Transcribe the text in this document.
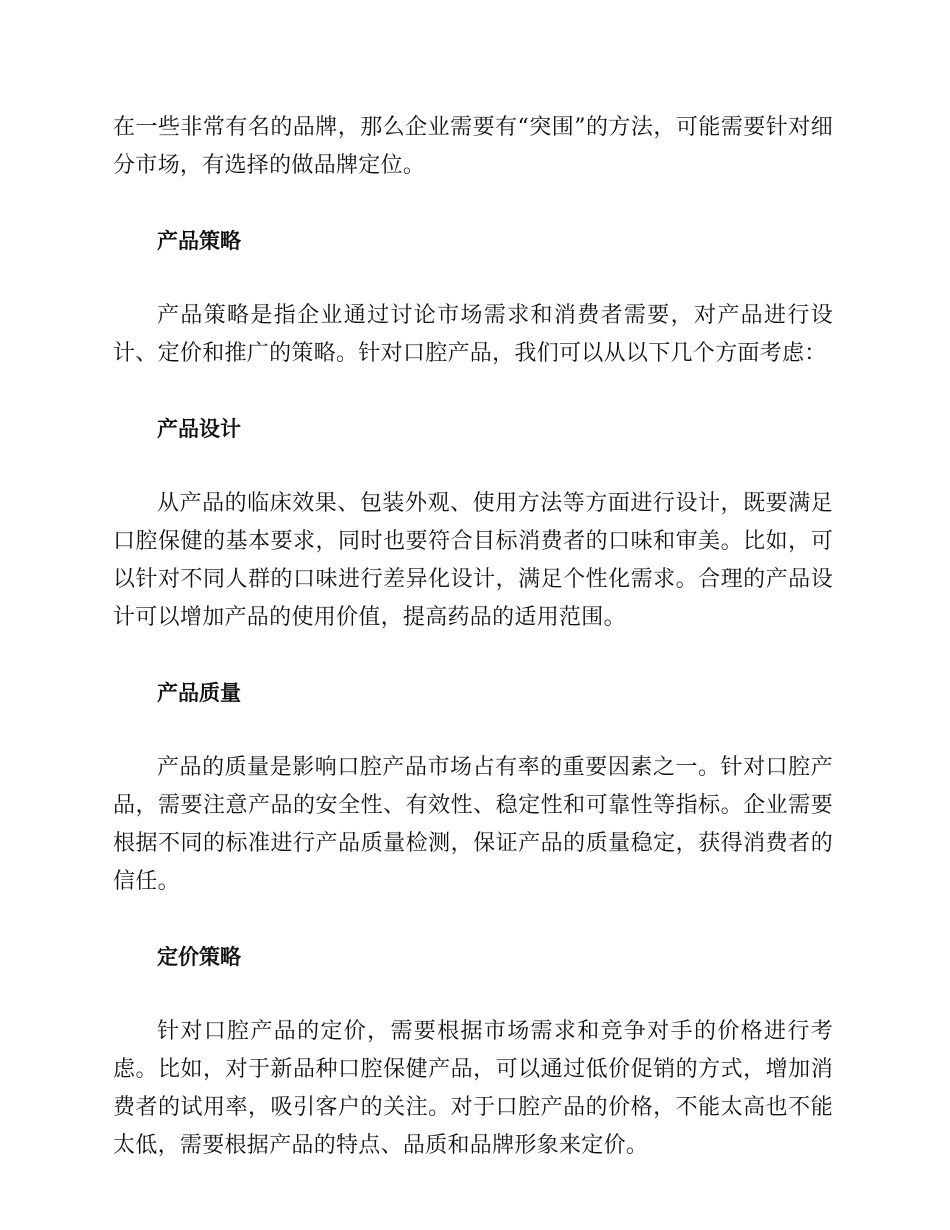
在一些非常有名的品牌，那么企业需要有“突围”的方法，可能需要针对细分市场，有选择的做品牌定位。

产品策略

产品策略是指企业通过讨论市场需求和消费者需要，对产品进行设计、定价和推广的策略。针对口腔产品，我们可以从以下几个方面考虑：

产品设计

从产品的临床效果、包装外观、使用方法等方面进行设计，既要满足口腔保健的基本要求，同时也要符合目标消费者的口味和审美。比如，可以针对不同人群的口味进行差异化设计，满足个性化需求。合理的产品设计可以增加产品的使用价值，提高药品的适用范围。

产品质量

产品的质量是影响口腔产品市场占有率的重要因素之一。针对口腔产品，需要注意产品的安全性、有效性、稳定性和可靠性等指标。企业需要根据不同的标准进行产品质量检测，保证产品的质量稳定，获得消费者的信任。

定价策略

针对口腔产品的定价，需要根据市场需求和竞争对手的价格进行考虑。比如，对于新品种口腔保健产品，可以通过低价促销的方式，增加消费者的试用率，吸引客户的关注。对于口腔产品的价格，不能太高也不能太低，需要根据产品的特点、品质和品牌形象来定价。
